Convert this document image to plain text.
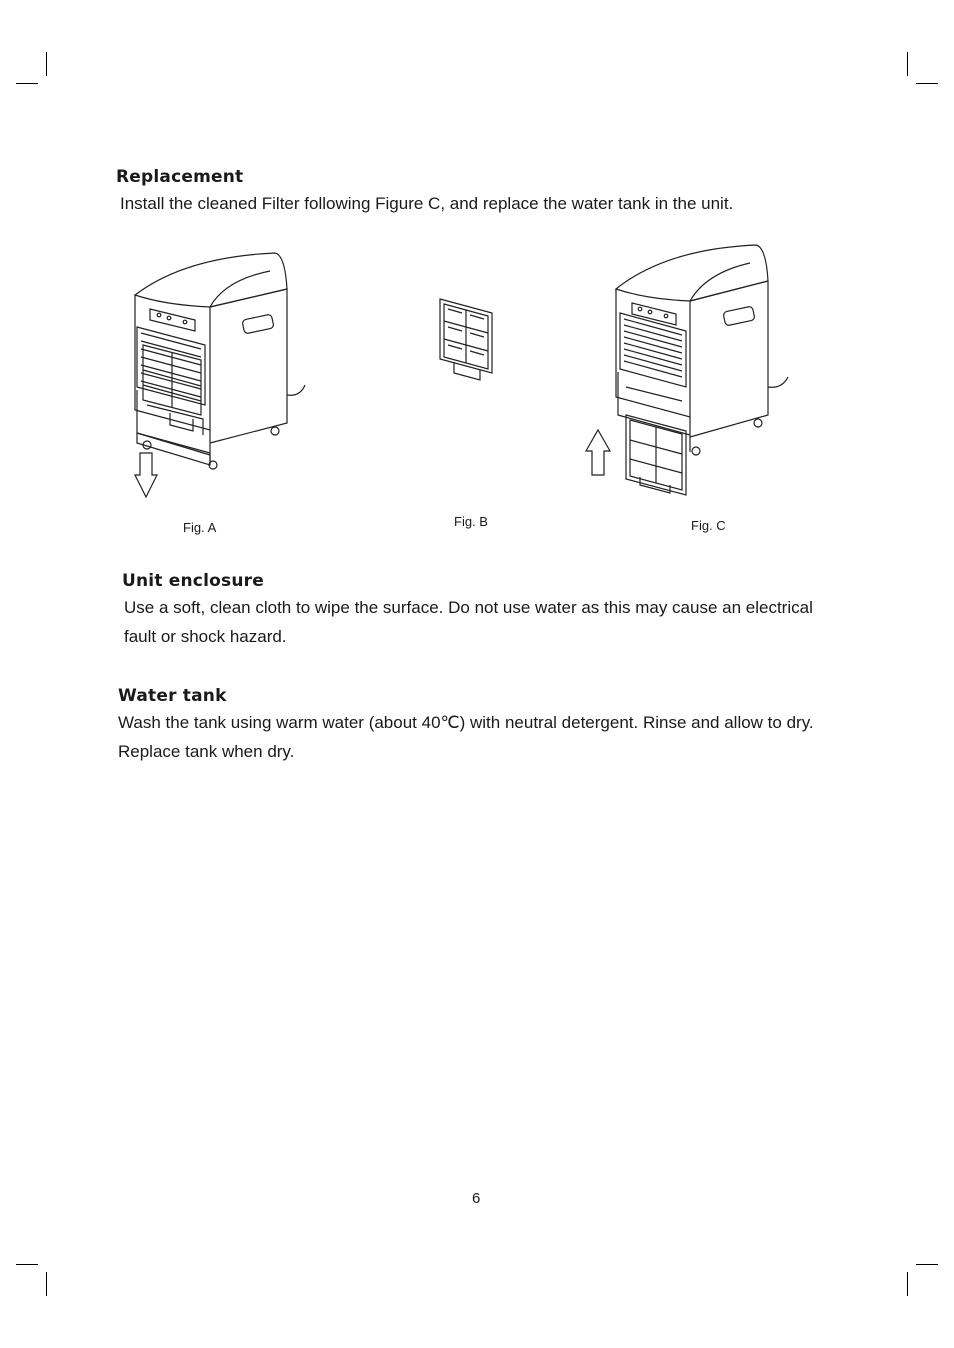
Replacement
Install the cleaned Filter following Figure C, and replace the water tank in the unit.
Fig. A	Fig. B	Fig. C
Unit enclosure
Use a soft, clean cloth to wipe the surface. Do not use water as this may cause an electrical fault or shock hazard.
Water tank
Wash the tank using warm water (about 40℃) with neutral detergent. Rinse and allow to dry. Replace tank when dry.
6
